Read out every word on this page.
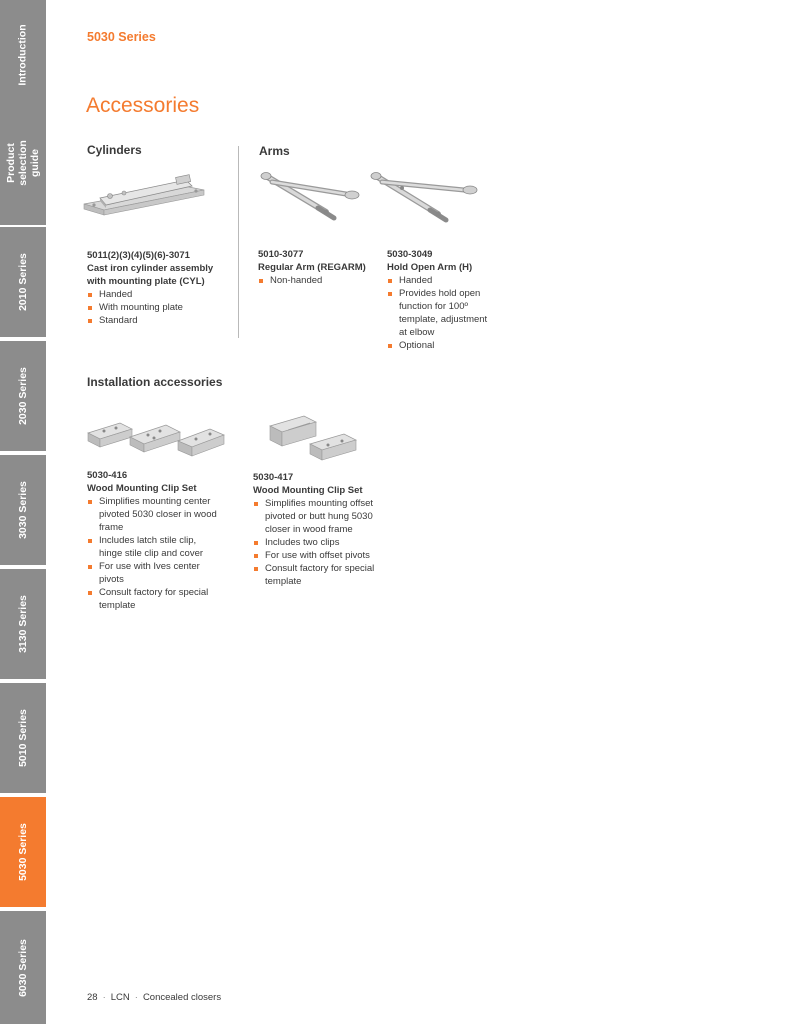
Introduction
Product selection guide
2010 Series
2030 Series
3030 Series
3130 Series
5010 Series
5030 Series
6030 Series
5030 Series
Accessories
Cylinders
5011(2)(3)(4)(5)(6)-3071
Cast iron cylinder assembly
with mounting plate (CYL)
Handed
With mounting plate
Standard
Arms
5010-3077
Regular Arm (REGARM)
Non-handed
5030-3049
Hold Open Arm (H)
Handed
Provides hold open function for 100º template, adjustment at elbow
Optional
Installation accessories
5030-416
Wood Mounting Clip Set
Simplifies mounting center pivoted 5030 closer in wood frame
Includes latch stile clip, hinge stile clip and cover
For use with Ives center pivots
Consult factory for special template
5030-417
Wood Mounting Clip Set
Simplifies mounting offset pivoted or butt hung 5030 closer in wood frame
Includes two clips
For use with offset pivots
Consult factory for special template
28 · LCN · Concealed closers
